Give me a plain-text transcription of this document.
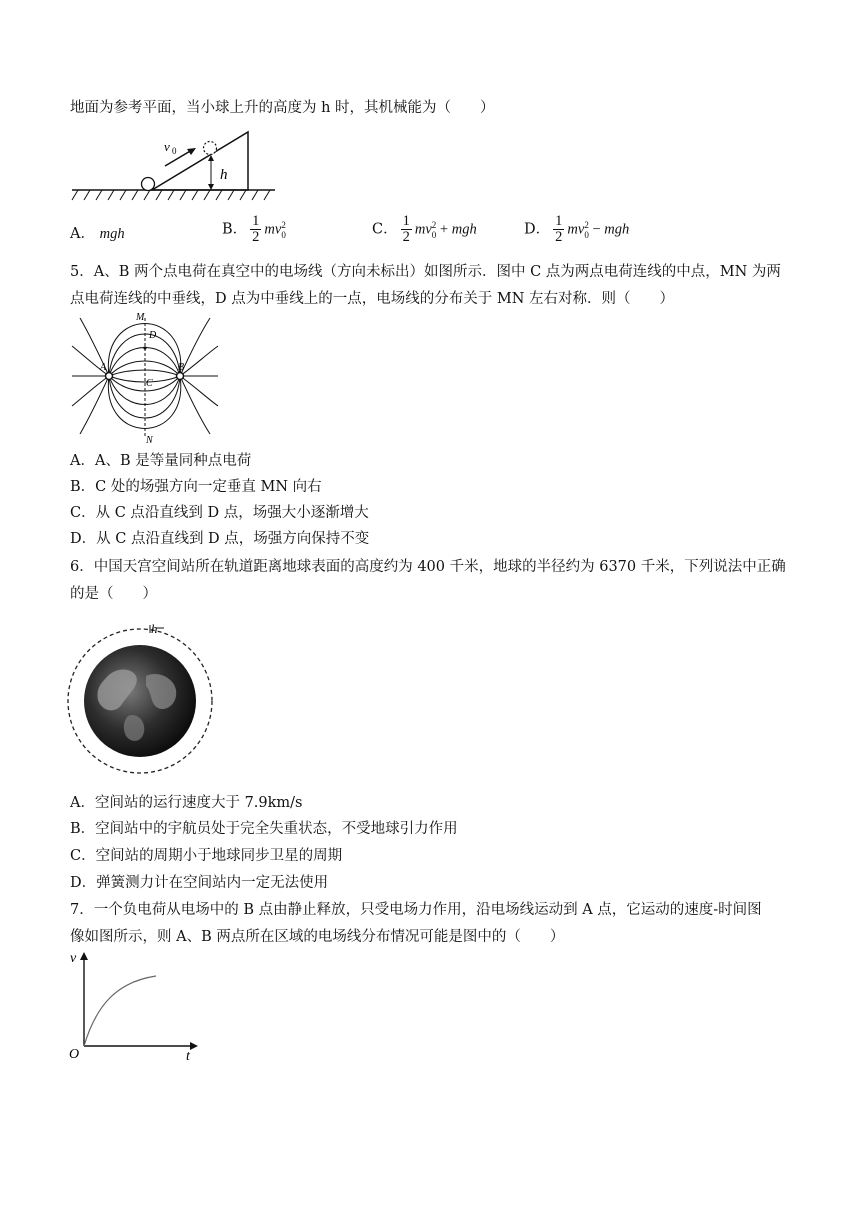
地面为参考平面，当小球上升的高度为 h 时，其机械能为（　　）
v 0
h
A． mgh	B． $\frac{1}{2}$ mv 2
0	C． $\frac{1}{2}$ mv 2
0 + mgh	D． $\frac{1}{2}$ mv 2
0 − mgh
5．A、B 两个点电荷在真空中的电场线（方向未标出）如图所示．图中 C 点为两点电荷连线的中点，MN 为两
点电荷连线的中垂线，D 点为中垂线上的一点，电场线的分布关于 MN 左右对称．则（　　）
M
D
C
A	B
N
A．A、B 是等量同种点电荷
B．C 处的场强方向一定垂直 MN 向右
C．从 C 点沿直线到 D 点，场强大小逐渐增大
D．从 C 点沿直线到 D 点，场强方向保持不变
6．中国天宫空间站所在轨道距离地球表面的高度约为 400 千米，地球的半径约为 6370 千米，下列说法中正确
的是（　　）
h
A．空间站的运行速度大于 7.9km/s
B．空间站中的宇航员处于完全失重状态，不受地球引力作用
C．空间站的周期小于地球同步卫星的周期
D．弹簧测力计在空间站内一定无法使用
7．一个负电荷从电场中的 B 点由静止释放，只受电场力作用，沿电场线运动到 A 点，它运动的速度-时间图
像如图所示，则 A、B 两点所在区域的电场线分布情况可能是图中的（　　）
v
O	t
